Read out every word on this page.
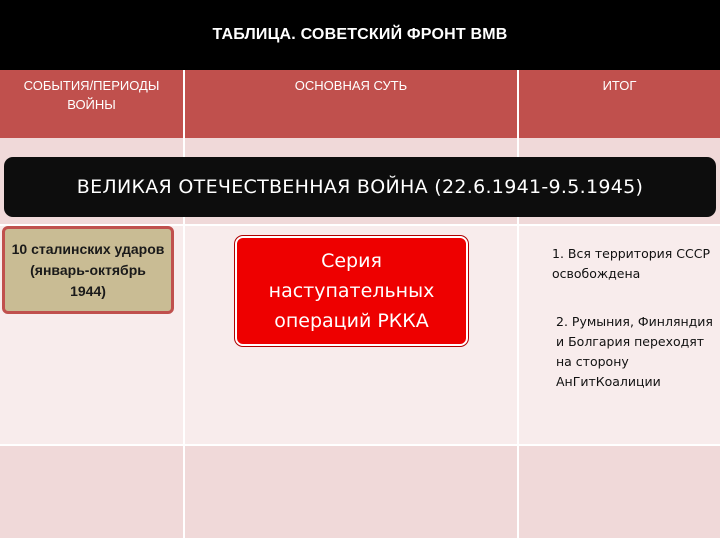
ТАБЛИЦА. СОВЕТСКИЙ ФРОНТ ВМВ
СОБЫТИЯ/ПЕРИОДЫ ВОЙНЫ
ОСНОВНАЯ СУТЬ	ИТОГ
ВЕЛИКАЯ ОТЕЧЕСТВЕННАЯ ВОЙНА (22.6.1941-9.5.1945)
10 сталинских ударов (январь-октябрь 1944)
Серия наступательных операций РККА
1. Вся территория СССР освобождена
2. Румыния, Финляндия и Болгария переходят на сторону АнГитКоалиции
